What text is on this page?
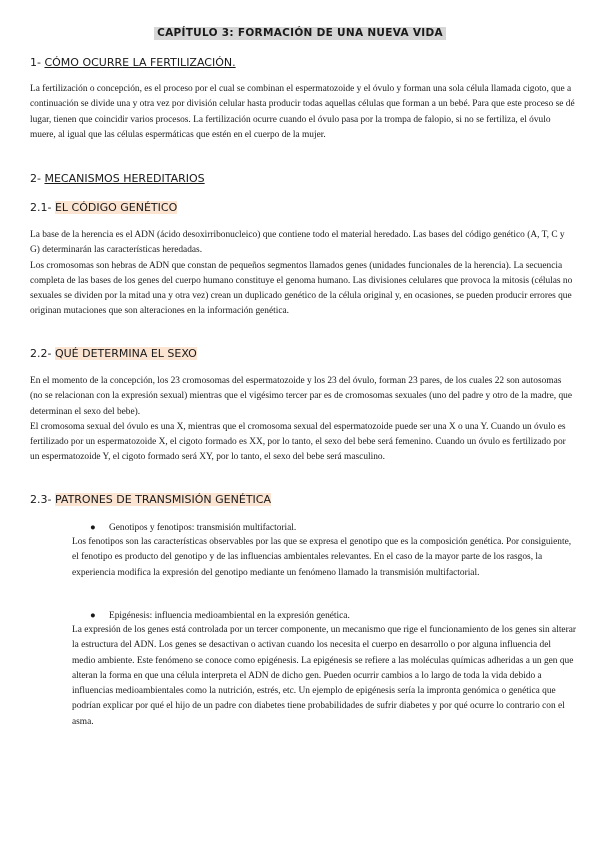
CAPÍTULO 3: FORMACIÓN DE UNA NUEVA VIDA
1- CÓMO OCURRE LA FERTILIZACIÓN.

La fertilización o concepción, es el proceso por el cual se combinan el espermatozoide y el óvulo y forman una sola célula llamada cigoto, que a continuación se divide una y otra vez por división celular hasta producir todas aquellas células que forman a un bebé. Para que este proceso se dé lugar, tienen que coincidir varios procesos. La fertilización ocurre cuando el óvulo pasa por la trompa de falopio, si no se fertiliza, el óvulo muere, al igual que las células espermáticas que estén en el cuerpo de la mujer.

2- MECANISMOS HEREDITARIOS
2.1- EL CÓDIGO GENÉTICO
La base de la herencia es el ADN (ácido desoxirribonucleico) que contiene todo el material heredado. Las bases del código genético (A, T, C y G) determinarán las características heredadas.
Los cromosomas son hebras de ADN que constan de pequeños segmentos llamados genes (unidades funcionales de la herencia). La secuencia completa de las bases de los genes del cuerpo humano constituye el genoma humano. Las divisiones celulares que provoca la mitosis (células no sexuales se dividen por la mitad una y otra vez) crean un duplicado genético de la célula original y, en ocasiones, se pueden producir errores que originan mutaciones que son alteraciones en la información genética.
2.2- QUÉ DETERMINA EL SEXO
En el momento de la concepción, los 23 cromosomas del espermatozoide y los 23 del óvulo, forman 23 pares, de los cuales 22 son autosomas (no se relacionan con la expresión sexual) mientras que el vigésimo tercer par es de cromosomas sexuales (uno del padre y otro de la madre, que determinan el sexo del bebe).
El cromosoma sexual del óvulo es una X, mientras que el cromosoma sexual del espermatozoide puede ser una X o una Y. Cuando un óvulo es fertilizado por un espermatozoide X, el cigoto formado es XX, por lo tanto, el sexo del bebe será femenino. Cuando un óvulo es fertilizado por un espermatozoide Y, el cigoto formado será XY, por lo tanto, el sexo del bebe será masculino.
2.3- PATRONES DE TRANSMISIÓN GENÉTICA
● Genotipos y fenotipos: transmisión multifactorial.

Los fenotipos son las características observables por las que se expresa el genotipo que es la composición genética. Por consiguiente, el fenotipo es producto del genotipo y de las influencias ambientales relevantes. En el caso de la mayor parte de los rasgos, la experiencia modifica la expresión del genotipo mediante un fenómeno llamado la transmisión multifactorial.

● Epigénesis: influencia medioambiental en la expresión genética.

La expresión de los genes está controlada por un tercer componente, un mecanismo que rige el funcionamiento de los genes sin alterar la estructura del ADN. Los genes se desactivan o activan cuando los necesita el cuerpo en desarrollo o por alguna influencia del medio ambiente. Este fenómeno se conoce como epigénesis. La epigénesis se refiere a las moléculas químicas adheridas a un gen que alteran la forma en que una célula interpreta el ADN de dicho gen. Pueden ocurrir cambios a lo largo de toda la vida debido a influencias medioambientales como la nutrición, estrés, etc. Un ejemplo de epigénesis sería la impronta genómica o genética que podrían explicar por qué el hijo de un padre con diabetes tiene probabilidades de sufrir diabetes y por qué ocurre lo contrario con el asma.
